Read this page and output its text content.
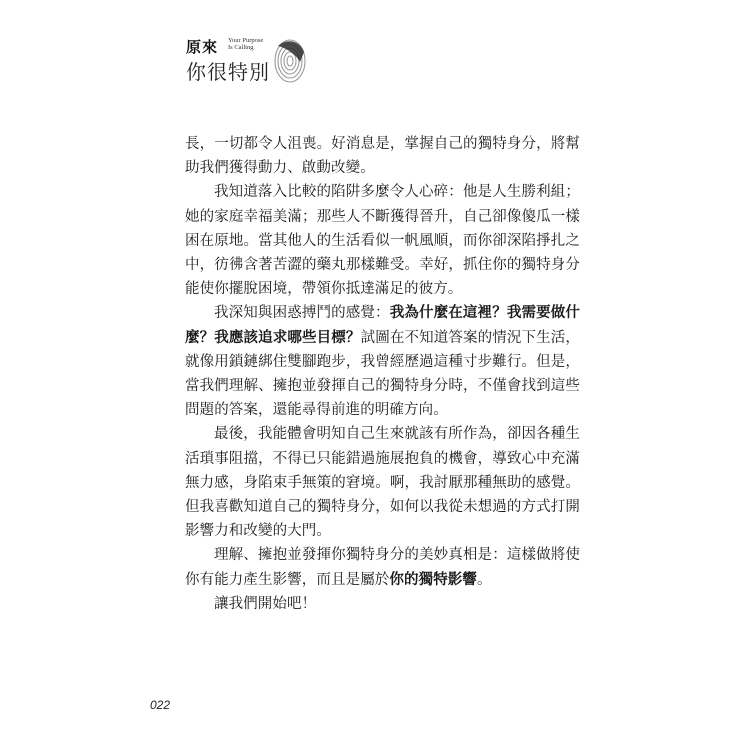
原來 Your Purpose
Is Calling
你很特別

長，一切都令人沮喪。好消息是，掌握自己的獨特身分，將幫助我們獲得動力、啟動改變。

我知道落入比較的陷阱多麼令人心碎：他是人生勝利組；她的家庭幸福美滿；那些人不斷獲得晉升，自己卻像傻瓜一樣困在原地。當其他人的生活看似一帆風順，而你卻深陷掙扎之中，彷彿含著苦澀的藥丸那樣難受。幸好，抓住你的獨特身分能使你擺脫困境，帶領你抵達滿足的彼方。

我深知與困惑搏鬥的感覺：我為什麼在這裡？我需要做什麼？我應該追求哪些目標？試圖在不知道答案的情況下生活，就像用鎖鏈綁住雙腳跑步，我曾經歷過這種寸步難行。但是，當我們理解、擁抱並發揮自己的獨特身分時，不僅會找到這些問題的答案，還能尋得前進的明確方向。

最後，我能體會明知自己生來就該有所作為，卻因各種生活瑣事阻擋，不得已只能錯過施展抱負的機會，導致心中充滿無力感，身陷束手無策的窘境。啊，我討厭那種無助的感覺。但我喜歡知道自己的獨特身分，如何以我從未想過的方式打開影響力和改變的大門。

理解、擁抱並發揮你獨特身分的美妙真相是：這樣做將使你有能力產生影響，而且是屬於你的獨特影響。

讓我們開始吧！

022
